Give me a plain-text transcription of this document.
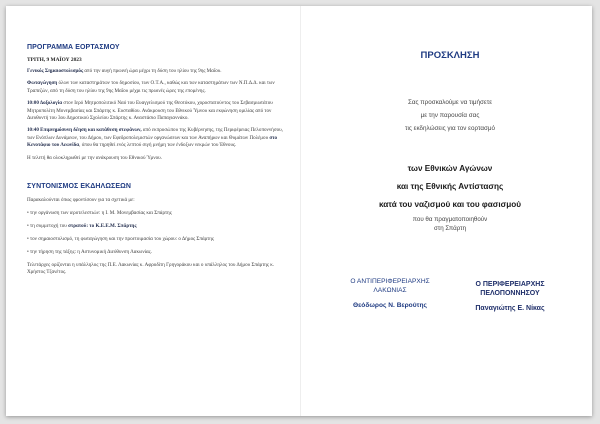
ΠΡΟΓΡΑΜΜΑ ΕΟΡΤΑΣΜΟΥ
ΤΡΙΤΗ, 9 ΜΑΪΟΥ 2023
Γενικός Σημαιοστολισμός από την αυγή πρωινή ώρα μέχρι τη δύση του ηλίου της 9ης Μαΐου.
Φωταγώγηση όλων των καταστημάτων του δημοσίου, των Ο.Τ.Α., καθώς και των καταστημάτων των Ν.Π.Δ.Δ. και των Τραπεζών, από τη δύση του ηλίου της 9ης Μαΐου μέχρι τις πρωινές ώρες της επομένης.
10:00 Δοξολογία στον Ιερό Μητροπολιτικό Ναό του Ευαγγελισμού της Θεοτόκου, χοροστατούντος του Σεβασμιωτάτου Μητροπολίτη Μονεμβασίας και Σπάρτης κ. Ευσταθίου. Ανάκρουση του Εθνικού Ύμνου και εκφώνηση ομιλίας από τον Διευθυντή του 3ου Δημοτικού Σχολείου Σπάρτης κ. Αναστάσιο Παπαγιαννάκο.
10:40 Επιμνημόσυνη δέηση και κατάθεση στεφάνων, από εκπροσώπου της Κυβέρνησης, της Περιφέρειας Πελοποννήσου, των Ενόπλων Δυνάμεων, του Δήμου, των Εφεδροπολεμιστών οργανώσεων και των Αναπήρων και Θυμάτων Πολέμου στο Κενοτάφιο του Λεωνίδα, όπου θα τηρηθεί ενός λεπτού σιγή μνήμη των ένδοξων νεκρών του Έθνους.
Η τελετή θα ολοκληρωθεί με την ανάκρουση του Εθνικού Ύμνου.
ΣΥΝΤΟΝΙΣΜΟΣ ΕΚΔΗΛΩΣΕΩΝ
Παρακαλούνται όπως φροντίσουν για τα σχετικά με:
• την οργάνωση των ιεροτελεστιών: η Ι. Μ. Μονεμβασίας και Σπάρτης
• τη συμμετοχή του στρατού: το Κ.Ε.Ε.Μ. Σπάρτης
• τον σημαιοστολισμό, τη φωταγώγηση και την προετοιμασία του χώρου: ο Δήμος Σπάρτης
• την τήρηση της τάξης: η Αστυνομική Διεύθυνση Λακωνίας.
Τελετάρχες ορίζονται η υπάλληλος της Π.Ε. Λακωνίας κ. Αφροδίτη Γρηγοράκου και ο υπάλληλος του Δήμου Σπάρτης κ. Χρήστος Τζανέτος.
ΠΡΟΣΚΛΗΣΗ
Σας προσκαλούμε να τιμήσετε
με την παρουσία σας
τις εκδηλώσεις για τον εορτασμό
των Εθνικών Αγώνων
και της Εθνικής Αντίστασης
κατά του ναζισμού και του φασισμού
που θα πραγματοποιηθούν
στη Σπάρτη
Ο ΑΝΤΙΠΕΡΙΦΕΡΕΙΑΡΧΗΣ
ΛΑΚΩΝΙΑΣ
Θεόδωρος Ν. Βερούτης
Ο ΠΕΡΙΦΕΡΕΙΑΡΧΗΣ
ΠΕΛΟΠΟΝΝΗΣΟΥ
Παναγιώτης Ε. Νίκας
